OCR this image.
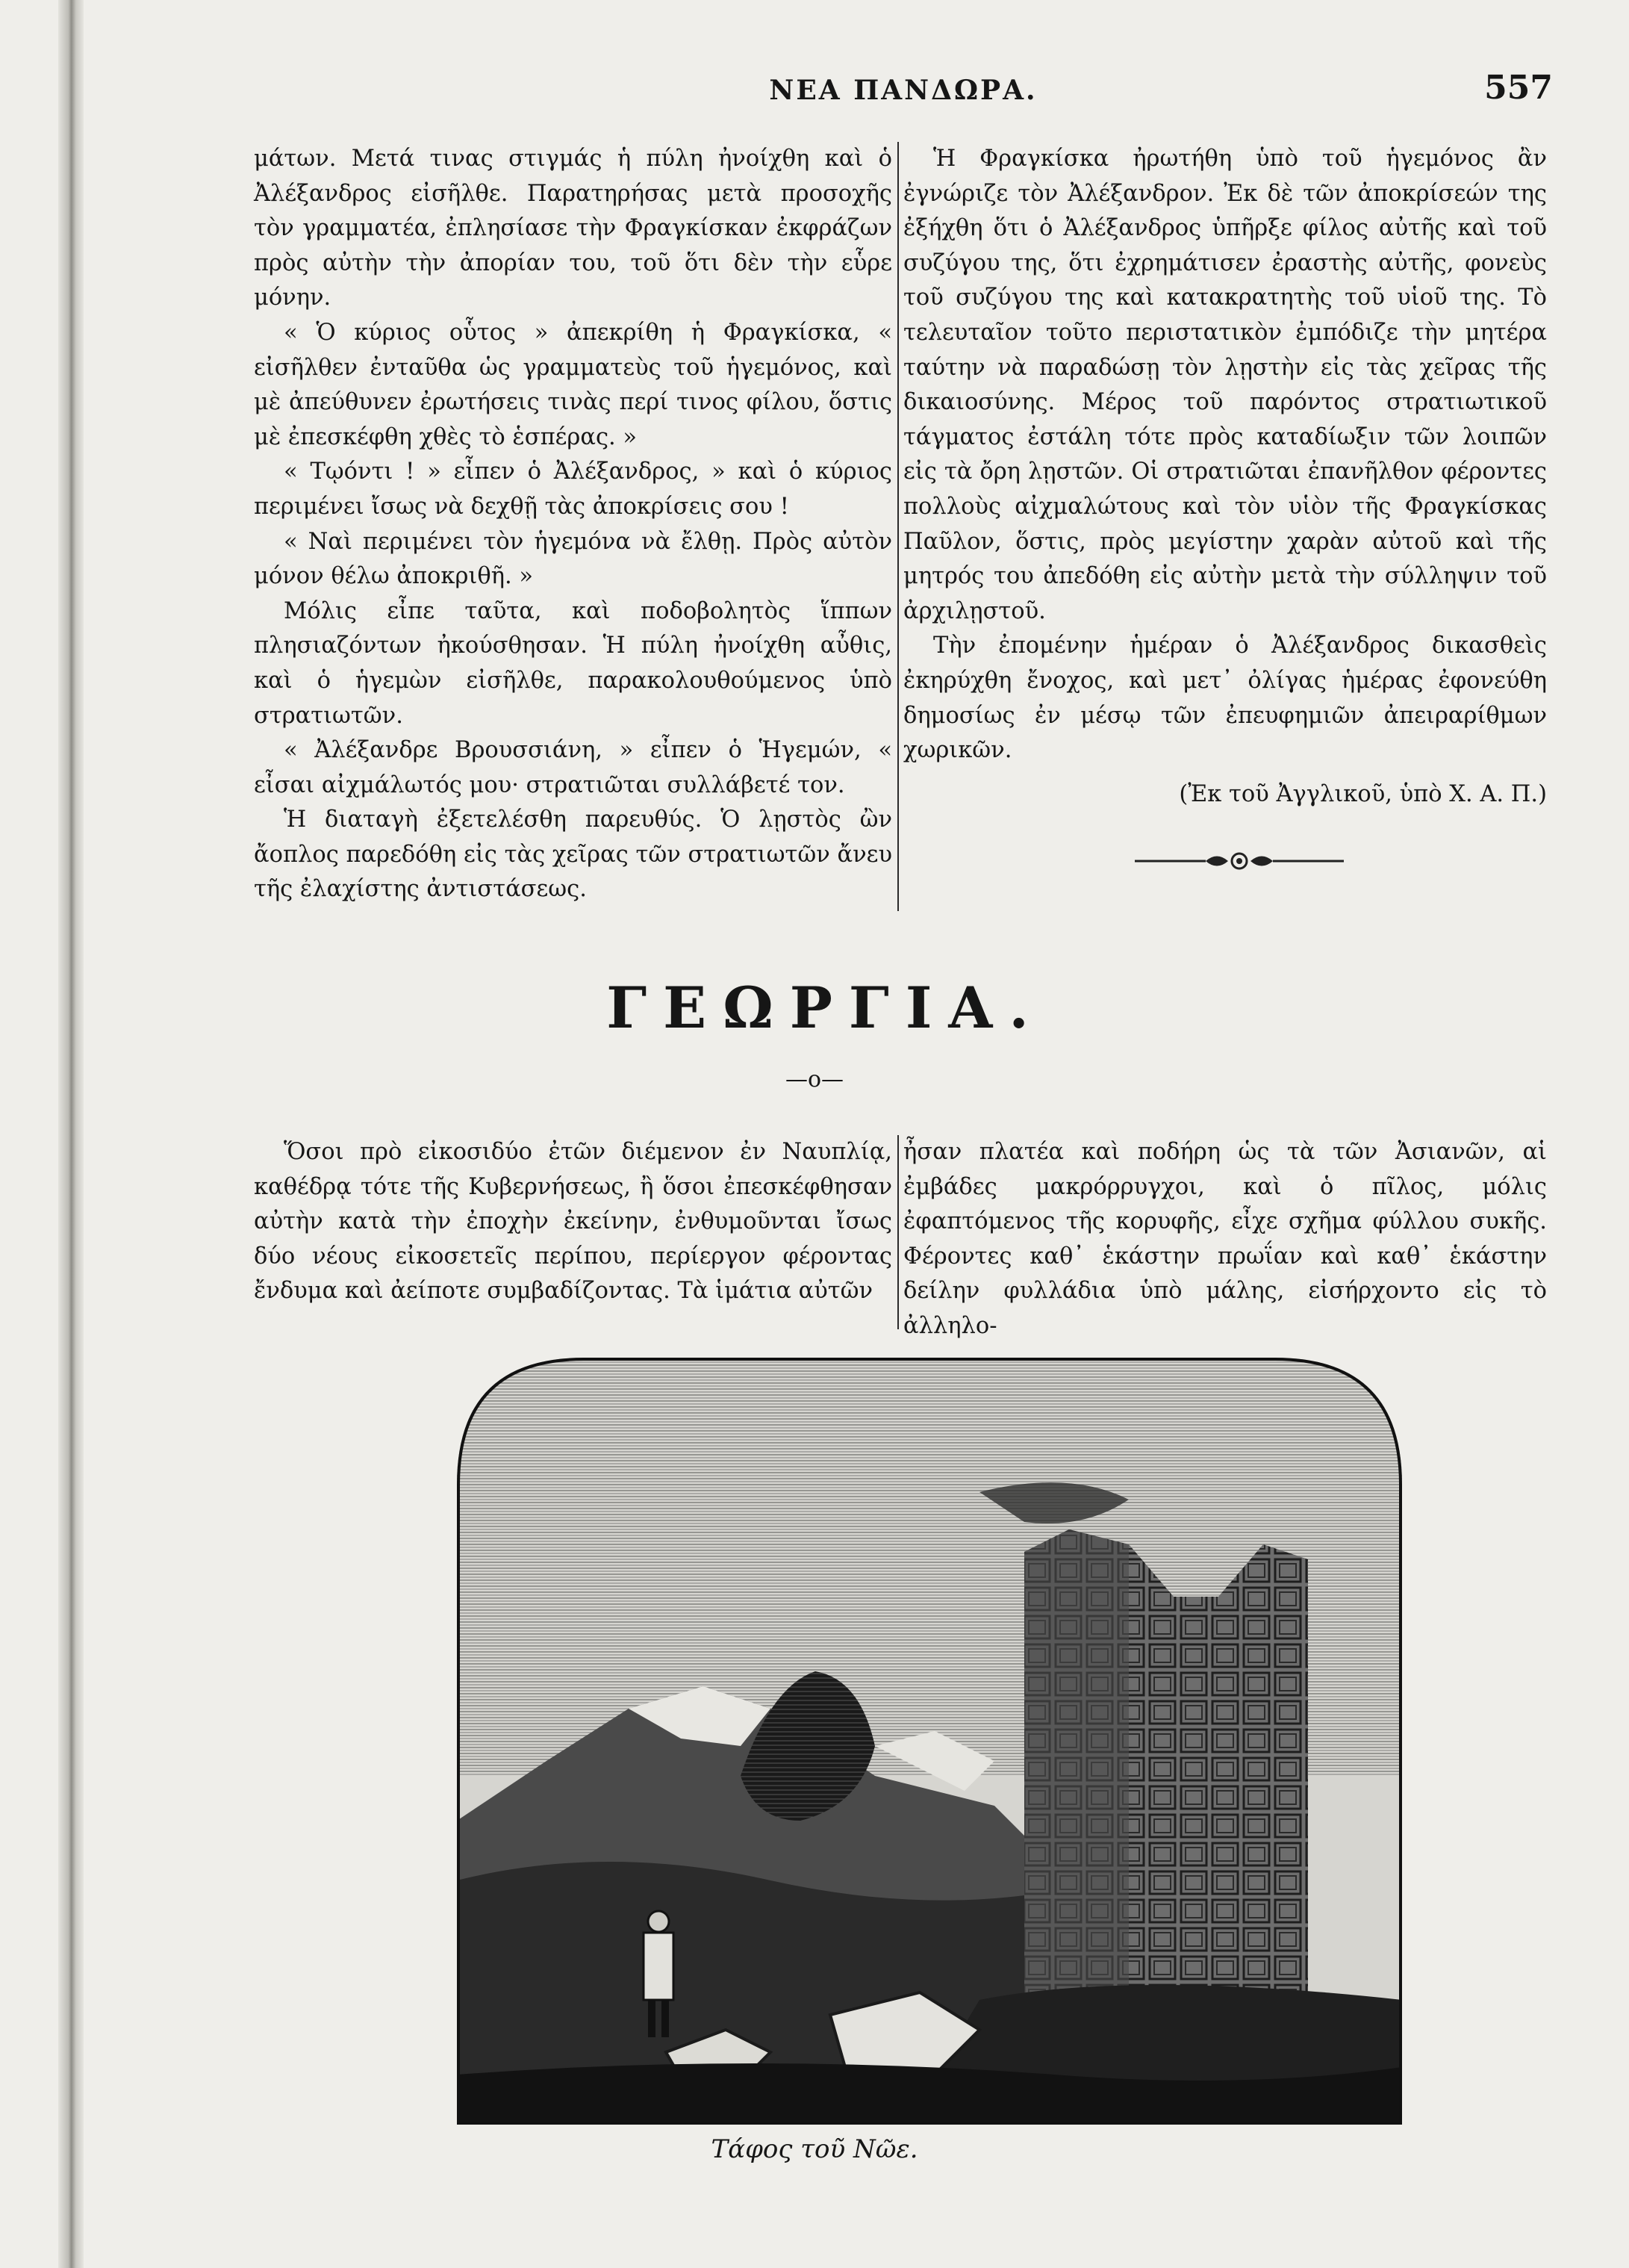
ΝΕΑ ΠΑΝΔΩΡΑ.	557

μάτων. Μετά τινας στιγμάς ἡ πύλη ἠνοίχθη καὶ ὁ Ἀλέξανδρος εἰσῆλθε. Παρατηρήσας μετὰ προσοχῆς τὸν γραμματέα, ἐπλησίασε τὴν Φραγκίσκαν ἐκφράζων πρὸς αὐτὴν τὴν ἀπορίαν του, τοῦ ὅτι δὲν τὴν εὗρε μόνην.

« Ὁ κύριος οὗτος » ἀπεκρίθη ἡ Φραγκίσκα, « εἰσῆλθεν ἐνταῦθα ὡς γραμματεὺς τοῦ ἡγεμόνος, καὶ μὲ ἀπεύθυνεν ἐρωτήσεις τινὰς περί τινος φίλου, ὅστις μὲ ἐπεσκέφθη χθὲς τὸ ἑσπέρας. »

« Τῳόντι ! » εἶπεν ὁ Ἀλέξανδρος, » καὶ ὁ κύριος περιμένει ἴσως νὰ δεχθῇ τὰς ἀποκρίσεις σου !

« Ναὶ περιμένει τὸν ἡγεμόνα νὰ ἔλθῃ. Πρὸς αὐτὸν μόνον θέλω ἀποκριθῆ. »

Μόλις εἶπε ταῦτα, καὶ ποδοβολητὸς ἵππων πλησιαζόντων ἠκούσθησαν. Ἡ πύλη ἠνοίχθη αὖθις, καὶ ὁ ἡγεμὼν εἰσῆλθε, παρακολουθούμενος ὑπὸ στρατιωτῶν.

« Ἀλέξανδρε Βρουσσιάνη, » εἶπεν ὁ Ἡγεμών, « εἶσαι αἰχμάλωτός μου· στρατιῶται συλλάβετέ τον.

Ἡ διαταγὴ ἐξετελέσθη παρευθύς. Ὁ λῃστὸς ὢν ἄοπλος παρεδόθη εἰς τὰς χεῖρας τῶν στρατιωτῶν ἄνευ τῆς ἐλαχίστης ἀντιστάσεως.

Ἡ Φραγκίσκα ἠρωτήθη ὑπὸ τοῦ ἡγεμόνος ἂν ἐγνώριζε τὸν Ἀλέξανδρον. Ἐκ δὲ τῶν ἀποκρίσεών της ἐξήχθη ὅτι ὁ Ἀλέξανδρος ὑπῆρξε φίλος αὐτῆς καὶ τοῦ συζύγου της, ὅτι ἐχρημάτισεν ἐραστὴς αὐτῆς, φονεὺς τοῦ συζύγου της καὶ κατακρατητὴς τοῦ υἱοῦ της. Τὸ τελευταῖον τοῦτο περιστατικὸν ἐμπόδιζε τὴν μητέρα ταύτην νὰ παραδώσῃ τὸν λῃστὴν εἰς τὰς χεῖρας τῆς δικαιοσύνης. Μέρος τοῦ παρόντος στρατιωτικοῦ τάγματος ἐστάλη τότε πρὸς καταδίωξιν τῶν λοιπῶν εἰς τὰ ὄρη λῃστῶν. Οἱ στρατιῶται ἐπανῆλθον φέροντες πολλοὺς αἰχμαλώτους καὶ τὸν υἱὸν τῆς Φραγκίσκας Παῦλον, ὅστις, πρὸς μεγίστην χαρὰν αὐτοῦ καὶ τῆς μητρός του ἀπεδόθη εἰς αὐτὴν μετὰ τὴν σύλληψιν τοῦ ἀρχιλῃστοῦ.

Τὴν ἐπομένην ἡμέραν ὁ Ἀλέξανδρος δικασθεὶς ἐκηρύχθη ἔνοχος, καὶ μετ᾽ ὀλίγας ἡμέρας ἐφονεύθη δημοσίως ἐν μέσῳ τῶν ἐπευφημιῶν ἀπειραρίθμων χωρικῶν.

(Ἐκ τοῦ Ἀγγλικοῦ, ὑπὸ Χ. Α. Π.)

ΓΕΩΡΓΙΑ.
—o—

Ὅσοι πρὸ εἰκοσιδύο ἐτῶν διέμενον ἐν Ναυπλίᾳ, καθέδρᾳ τότε τῆς Κυβερνήσεως, ἢ ὅσοι ἐπεσκέφθησαν αὐτὴν κατὰ τὴν ἐποχὴν ἐκείνην, ἐνθυμοῦνται ἴσως δύο νέους εἰκοσετεῖς περίπου, περίεργον φέροντας ἔνδυμα καὶ ἀείποτε συμβαδίζοντας. Τὰ ἱμάτια αὐτῶν

ἦσαν πλατέα καὶ ποδήρη ὡς τὰ τῶν Ἀσιανῶν, αἱ ἐμβάδες μακρόρρυγχοι, καὶ ὁ πῖλος, μόλις ἐφαπτόμενος τῆς κορυφῆς, εἶχε σχῆμα φύλλου συκῆς. Φέροντες καθ᾽ ἑκάστην πρωΐαν καὶ καθ᾽ ἑκάστην δείλην φυλλάδια ὑπὸ μάλης, εἰσήρχοντο εἰς τὸ ἀλληλο-

Τάφος τοῦ Νῶε.
